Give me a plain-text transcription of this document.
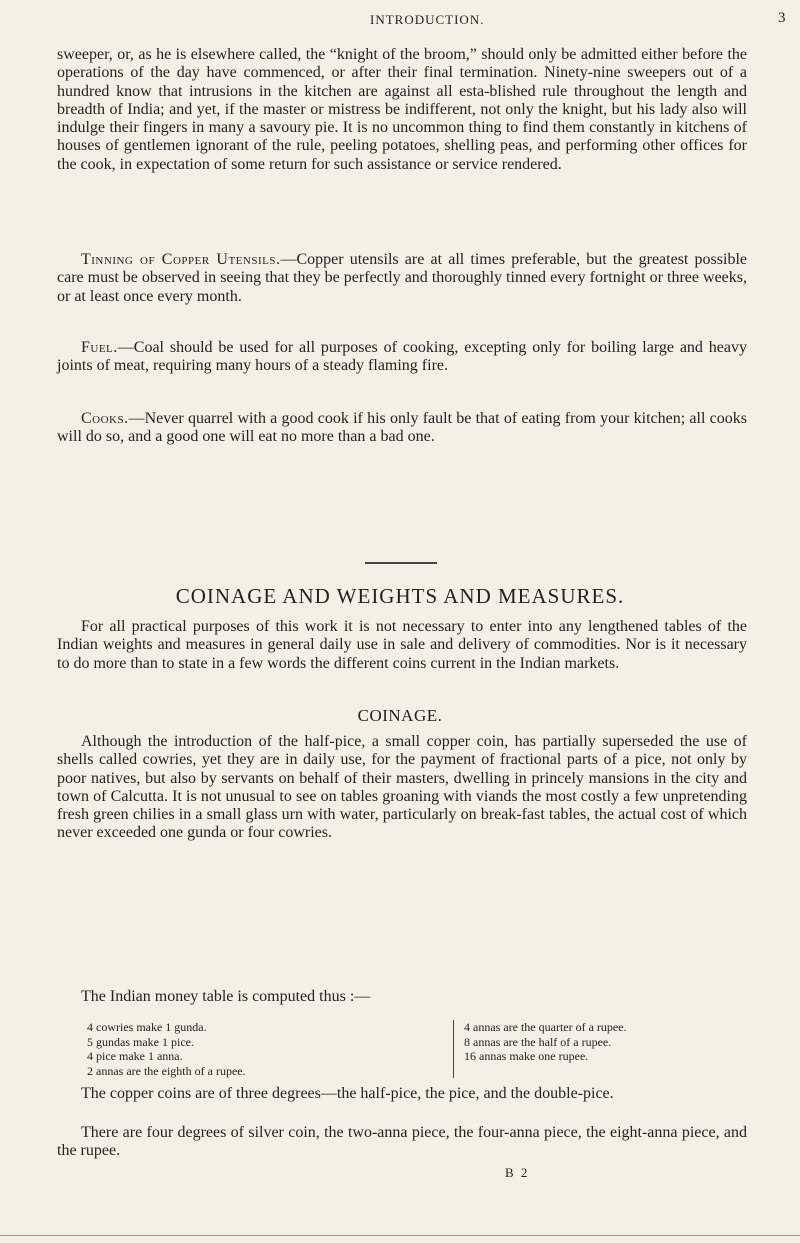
INTRODUCTION.	3

sweeper, or, as he is elsewhere called, the “knight of the broom,” should only be admitted either before the operations of the day have commenced, or after their final termination. Ninety-nine sweepers out of a hundred know that intrusions in the kitchen are against all esta-blished rule throughout the length and breadth of India; and yet, if the master or mistress be indifferent, not only the knight, but his lady also will indulge their fingers in many a savoury pie. It is no uncommon thing to find them constantly in kitchens of houses of gentlemen ignorant of the rule, peeling potatoes, shelling peas, and performing other offices for the cook, in expectation of some return for such assistance or service rendered.

Tinning of Copper Utensils.—Copper utensils are at all times preferable, but the greatest possible care must be observed in seeing that they be perfectly and thoroughly tinned every fortnight or three weeks, or at least once every month.

Fuel.—Coal should be used for all purposes of cooking, excepting only for boiling large and heavy joints of meat, requiring many hours of a steady flaming fire.

Cooks.—Never quarrel with a good cook if his only fault be that of eating from your kitchen; all cooks will do so, and a good one will eat no more than a bad one.

COINAGE AND WEIGHTS AND MEASURES.

For all practical purposes of this work it is not necessary to enter into any lengthened tables of the Indian weights and measures in general daily use in sale and delivery of commodities. Nor is it necessary to do more than to state in a few words the different coins current in the Indian markets.

COINAGE.

Although the introduction of the half-pice, a small copper coin, has partially superseded the use of shells called cowries, yet they are in daily use, for the payment of fractional parts of a pice, not only by poor natives, but also by servants on behalf of their masters, dwelling in princely mansions in the city and town of Calcutta. It is not unusual to see on tables groaning with viands the most costly a few unpretending fresh green chilies in a small glass urn with water, particularly on break-fast tables, the actual cost of which never exceeded one gunda or four cowries.

The Indian money table is computed thus :—

4 cowries make 1 gunda.
5 gundas make 1 pice.
4 pice make 1 anna.
2 annas are the eighth of a rupee.
4 annas are the quarter of a rupee.
8 annas are the half of a rupee.
16 annas make one rupee.

The copper coins are of three degrees—the half-pice, the pice, and the double-pice.

There are four degrees of silver coin, the two-anna piece, the four-anna piece, the eight-anna piece, and the rupee.

B 2
